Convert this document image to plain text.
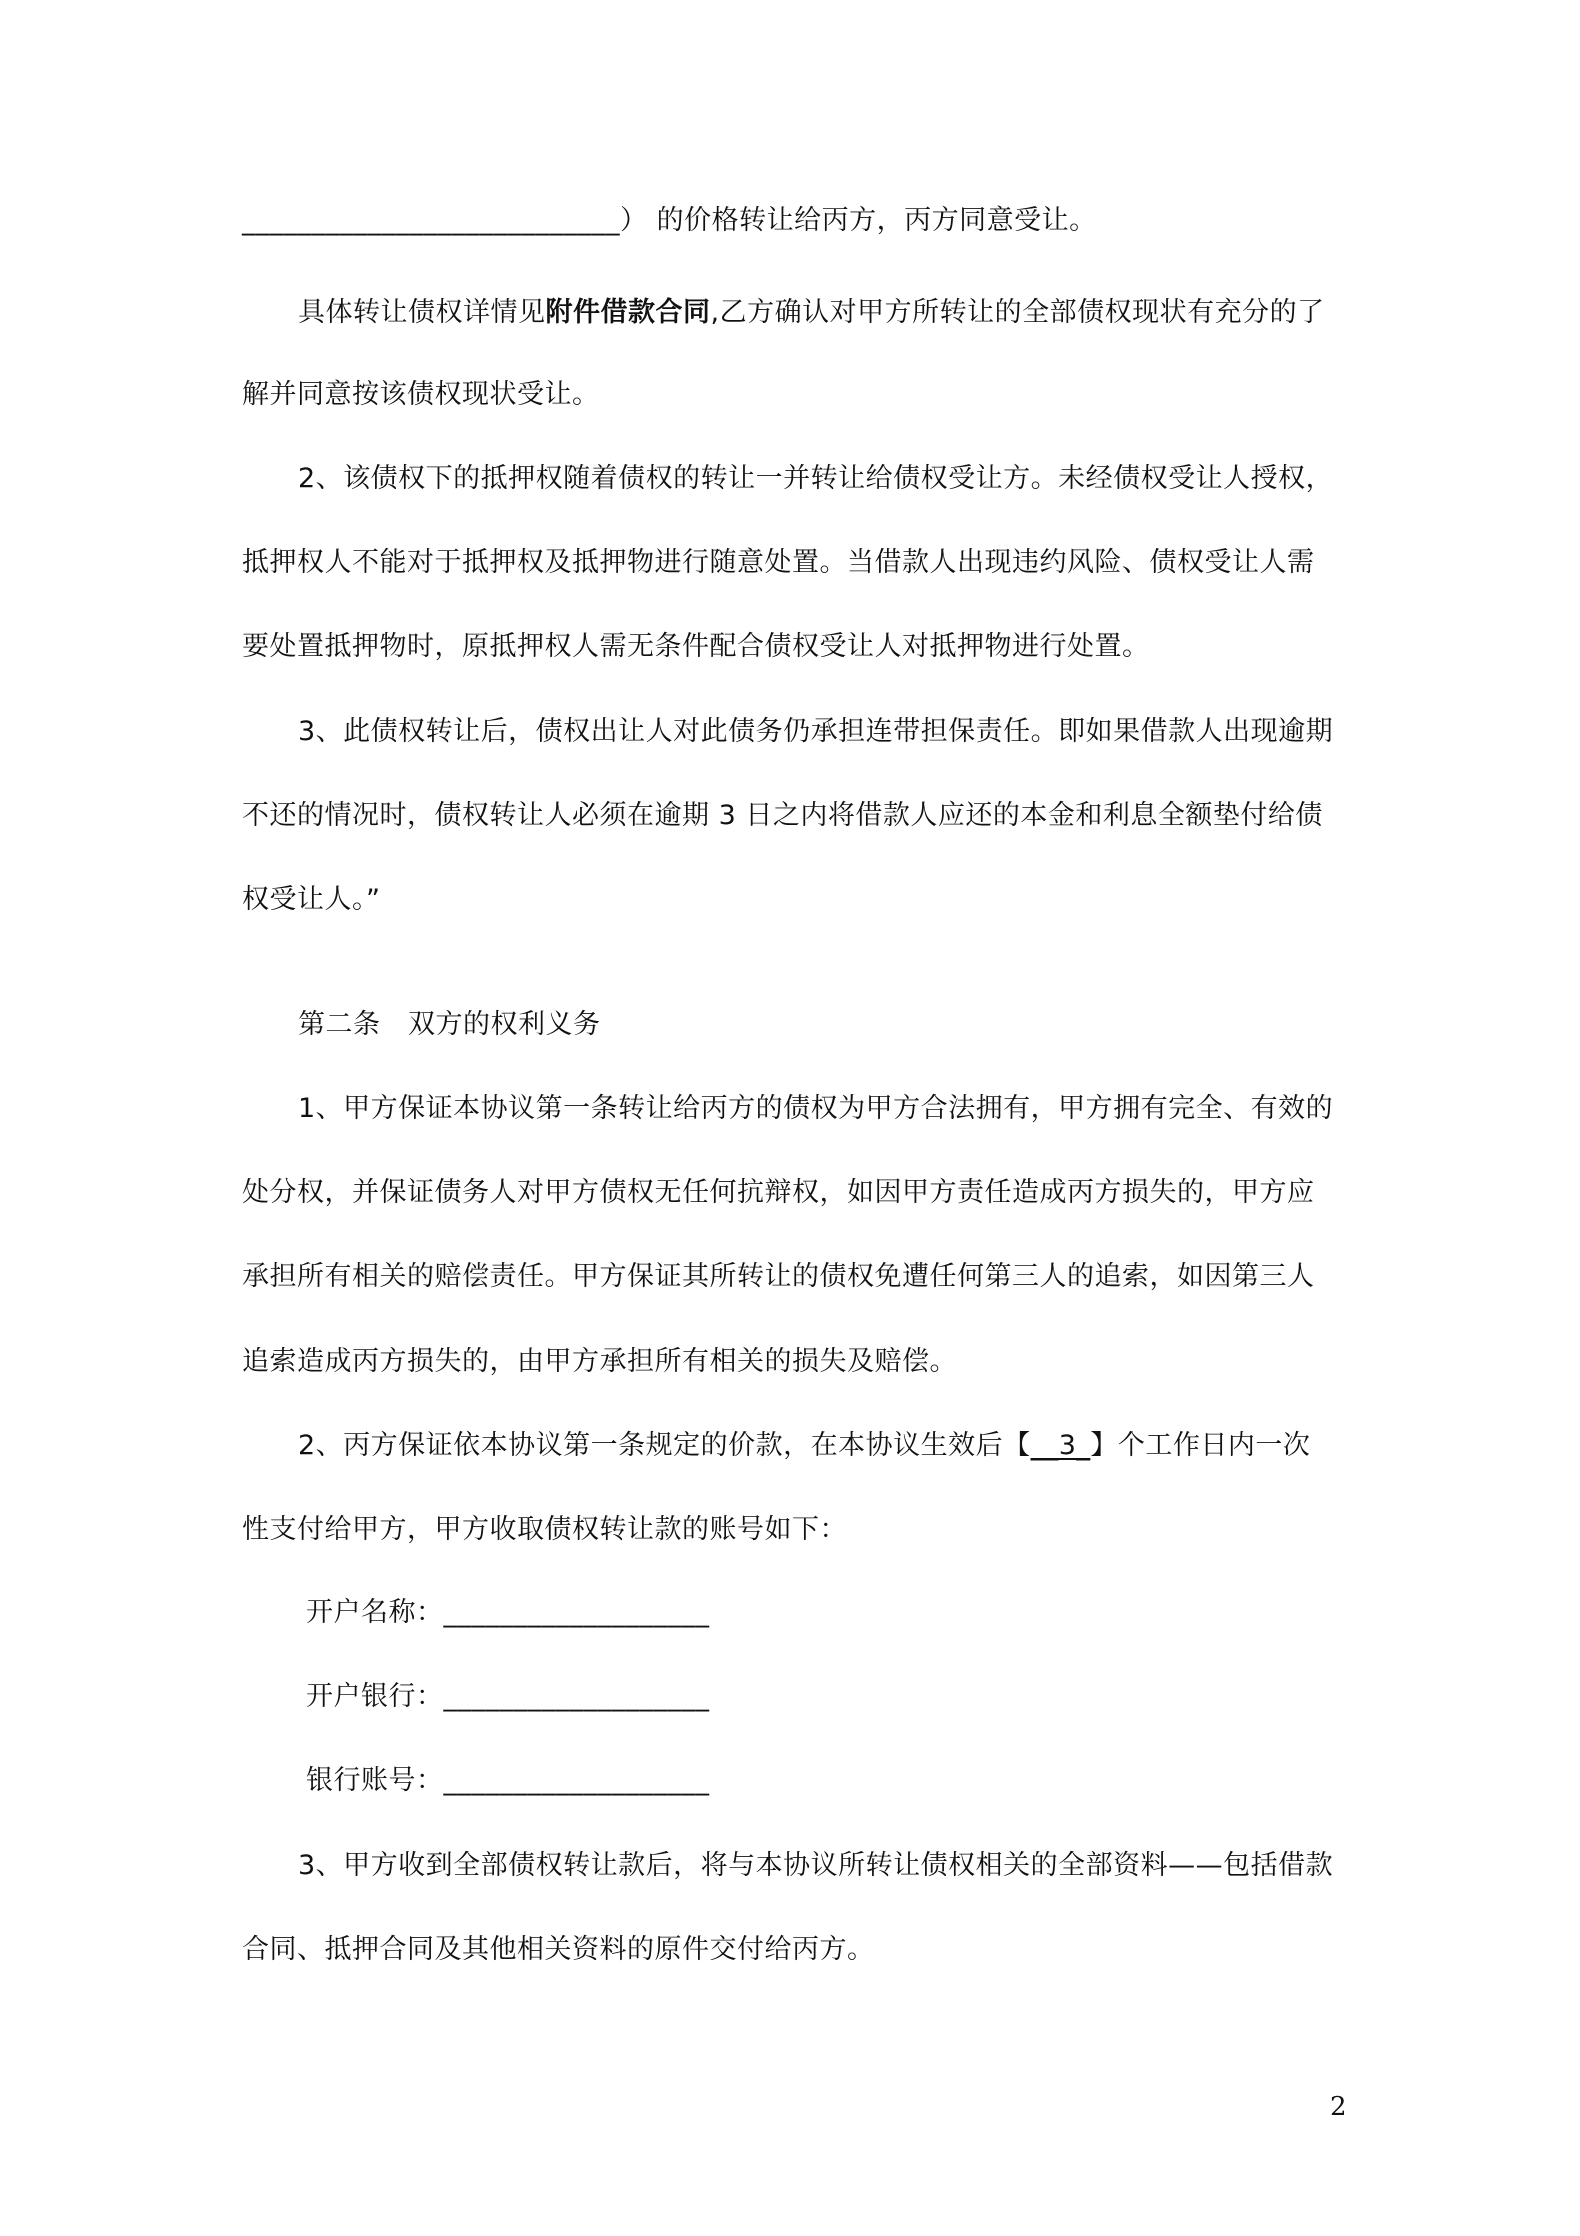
___________________________） 的价格转让给丙方，丙方同意受让。
具体转让债权详情见附件借款合同,乙方确认对甲方所转让的全部债权现状有充分的了
解并同意按该债权现状受让。
2、该债权下的抵押权随着债权的转让一并转让给债权受让方。未经债权受让人授权，
抵押权人不能对于抵押权及抵押物进行随意处置。当借款人出现违约风险、债权受让人需
要处置抵押物时，原抵押权人需无条件配合债权受让人对抵押物进行处置。
3、此债权转让后，债权出让人对此债务仍承担连带担保责任。即如果借款人出现逾期
不还的情况时，债权转让人必须在逾期 3 日之内将借款人应还的本金和利息全额垫付给债
权受让人。”
第二条　双方的权利义务
1、甲方保证本协议第一条转让给丙方的债权为甲方合法拥有，甲方拥有完全、有效的
处分权，并保证债务人对甲方债权无任何抗辩权，如因甲方责任造成丙方损失的，甲方应
承担所有相关的赔偿责任。甲方保证其所转让的债权免遭任何第三人的追索，如因第三人
追索造成丙方损失的，由甲方承担所有相关的损失及赔偿。
2、丙方保证依本协议第一条规定的价款，在本协议生效后【__3_】个工作日内一次
性支付给甲方，甲方收取债权转让款的账号如下：
开户名称：___________________
开户银行：___________________
银行账号：___________________
3、甲方收到全部债权转让款后，将与本协议所转让债权相关的全部资料——包括借款
合同、抵押合同及其他相关资料的原件交付给丙方。
2
